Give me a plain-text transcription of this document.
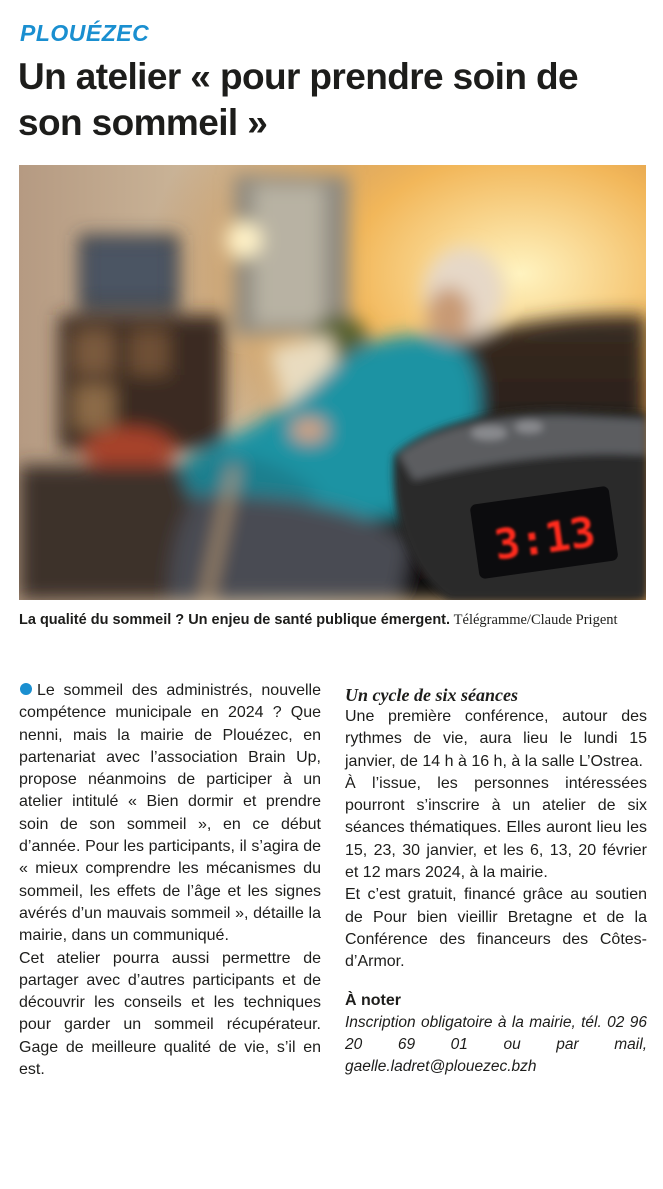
PLOUÉZEC
Un atelier « pour prendre soin de son sommeil »
3:13
La qualité du sommeil ? Un enjeu de santé publique émergent. Télégramme/Claude Prigent

Le sommeil des administrés, nouvelle compétence municipale en 2024 ? Que nenni, mais la mairie de Plouézec, en partenariat avec l’association Brain Up, propose néanmoins de participer à un atelier intitulé « Bien dormir et prendre soin de son sommeil », en ce début d’année. Pour les participants, il s’agira de « mieux comprendre les mécanismes du sommeil, les effets de l’âge et les signes avérés d’un mauvais sommeil », détaille la mairie, dans un communiqué.

Cet atelier pourra aussi permettre de partager avec d’autres participants et de découvrir les conseils et les techniques pour garder un sommeil récupérateur. Gage de meilleure qualité de vie, s’il en est.

Un cycle de six séances

Une première conférence, autour des rythmes de vie, aura lieu le lundi 15 janvier, de 14 h à 16 h, à la salle L’Ostrea.

À l’issue, les personnes intéressées pourront s’inscrire à un atelier de six séances thématiques. Elles auront lieu les 15, 23, 30 janvier, et les 6, 13, 20 février et 12 mars 2024, à la mairie.

Et c’est gratuit, financé grâce au soutien de Pour bien vieillir Bretagne et de la Conférence des financeurs des Côtes-d’Armor.

À noter

Inscription obligatoire à la mairie, tél. 02 96 20 69 01 ou par mail, gaelle.ladret@plouezec.bzh
